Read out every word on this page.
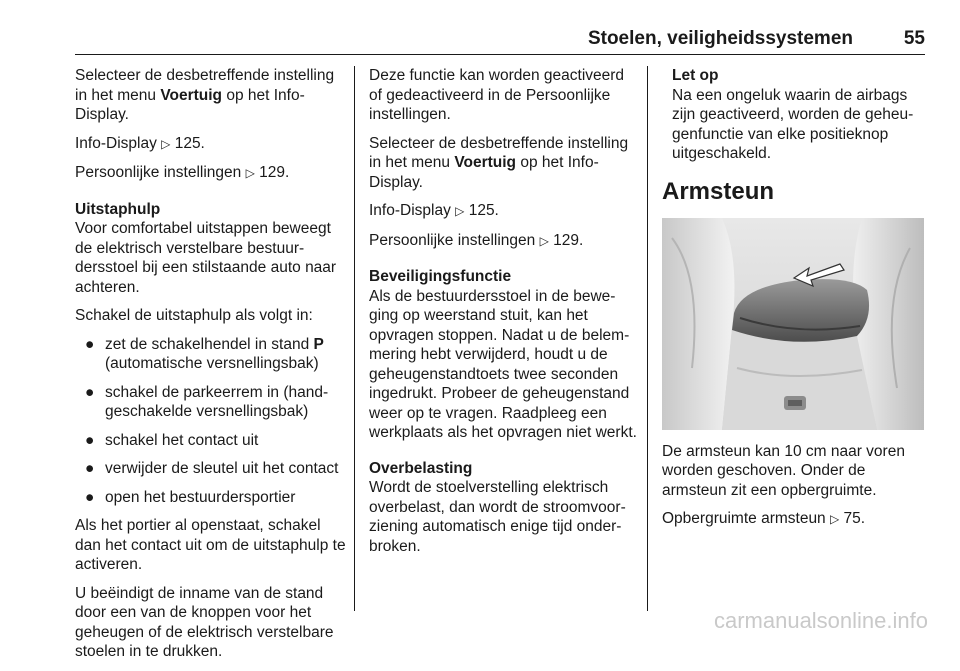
Stoelen, veiligheidssystemen	55

Selecteer de desbetreffende instelling in het menu Voertuig op het Info-Display.

Info-Display ▷ 125.

Persoonlijke instellingen ▷ 129.

Uitstaphulp
Voor comfortabel uitstappen beweegt de elektrisch verstelbare bestuurdersstoel bij een stilstaande auto naar achteren.

Schakel de uitstaphulp als volgt in:

● zet de schakelhendel in stand P (automatische versnellingsbak)
● schakel de parkeerrem in (handgeschakelde versnellingsbak)
● schakel het contact uit
● verwijder de sleutel uit het contact
● open het bestuurdersportier

Als het portier al openstaat, schakel dan het contact uit om de uitstaphulp te activeren.

U beëindigt de inname van de stand door een van de knoppen voor het geheugen of de elektrisch verstelbare stoelen in te drukken.

Deze functie kan worden geactiveerd of gedeactiveerd in de Persoonlijke instellingen.

Selecteer de desbetreffende instelling in het menu Voertuig op het Info-Display.

Info-Display ▷ 125.

Persoonlijke instellingen ▷ 129.

Beveiligingsfunctie
Als de bestuurdersstoel in de beweging op weerstand stuit, kan het opvragen stoppen. Nadat u de belemmering hebt verwijderd, houdt u de geheugenstandtoets twee seconden ingedrukt. Probeer de geheugenstand weer op te vragen. Raadpleeg een werkplaats als het opvragen niet werkt.

Overbelasting
Wordt de stoelverstelling elektrisch overbelast, dan wordt de stroomvoorziening automatisch enige tijd onderbroken.

Let op
Na een ongeluk waarin de airbags zijn geactiveerd, worden de geheugenfunctie van elke positieknop uitgeschakeld.

Armsteun

De armsteun kan 10 cm naar voren worden geschoven. Onder de armsteun zit een opbergruimte.

Opbergruimte armsteun ▷ 75.

carmanualsonline.info
